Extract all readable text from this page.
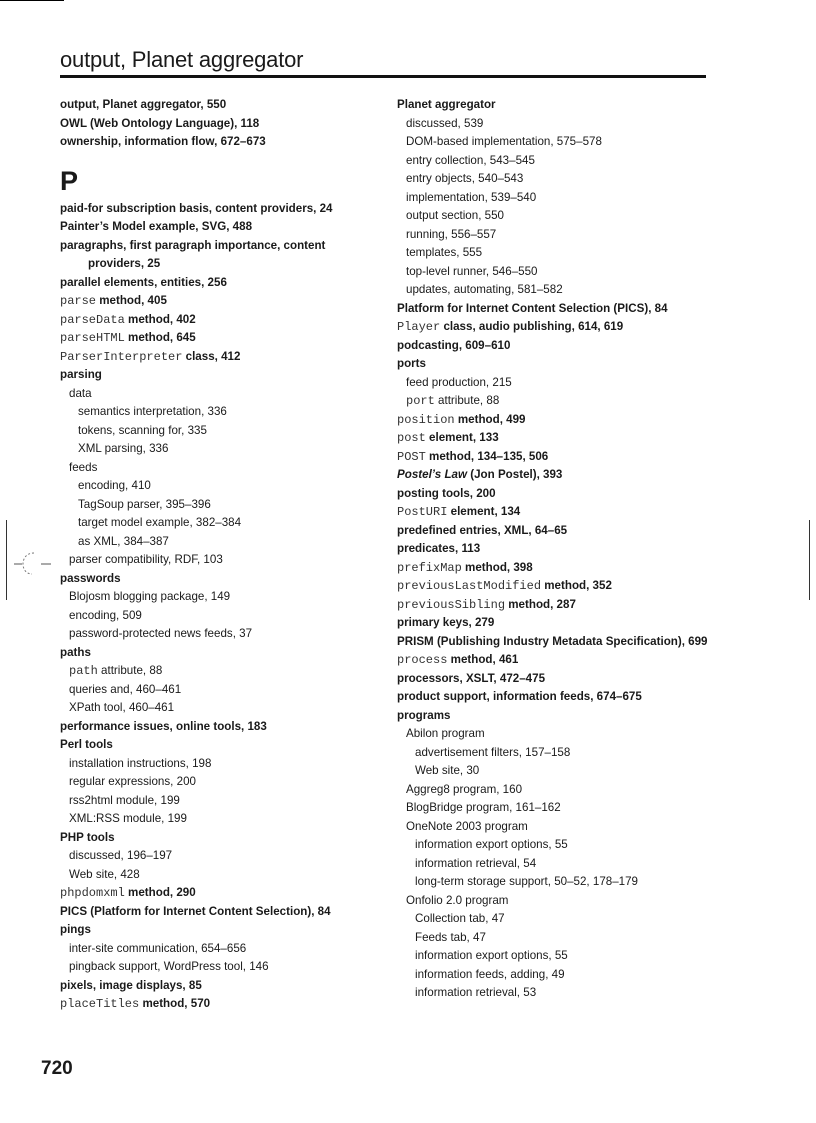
output, Planet aggregator
output, Planet aggregator, 550
OWL (Web Ontology Language), 118
ownership, information flow, 672–673
P
paid-for subscription basis, content providers, 24
Painter’s Model example, SVG, 488
paragraphs, first paragraph importance, content providers, 25
parallel elements, entities, 256
parse method, 405
parseData method, 402
parseHTML method, 645
ParserInterpreter class, 412
parsing
data
semantics interpretation, 336
tokens, scanning for, 335
XML parsing, 336
feeds
encoding, 410
TagSoup parser, 395–396
target model example, 382–384
as XML, 384–387
parser compatibility, RDF, 103
passwords
Blojosm blogging package, 149
encoding, 509
password-protected news feeds, 37
paths
path attribute, 88
queries and, 460–461
XPath tool, 460–461
performance issues, online tools, 183
Perl tools
installation instructions, 198
regular expressions, 200
rss2html module, 199
XML:RSS module, 199
PHP tools
discussed, 196–197
Web site, 428
phpdomxml method, 290
PICS (Platform for Internet Content Selection), 84
pings
inter-site communication, 654–656
pingback support, WordPress tool, 146
pixels, image displays, 85
placeTitles method, 570
Planet aggregator
discussed, 539
DOM-based implementation, 575–578
entry collection, 543–545
entry objects, 540–543
implementation, 539–540
output section, 550
running, 556–557
templates, 555
top-level runner, 546–550
updates, automating, 581–582
Platform for Internet Content Selection (PICS), 84
Player class, audio publishing, 614, 619
podcasting, 609–610
ports
feed production, 215
port attribute, 88
position method, 499
post element, 133
POST method, 134–135, 506
Postel’s Law (Jon Postel), 393
posting tools, 200
PostURI element, 134
predefined entries, XML, 64–65
predicates, 113
prefixMap method, 398
previousLastModified method, 352
previousSibling method, 287
primary keys, 279
PRISM (Publishing Industry Metadata Specification), 699
process method, 461
processors, XSLT, 472–475
product support, information feeds, 674–675
programs
Abilon program
advertisement filters, 157–158
Web site, 30
Aggreg8 program, 160
BlogBridge program, 161–162
OneNote 2003 program
information export options, 55
information retrieval, 54
long-term storage support, 50–52, 178–179
Onfolio 2.0 program
Collection tab, 47
Feeds tab, 47
information export options, 55
information feeds, adding, 49
information retrieval, 53
720
